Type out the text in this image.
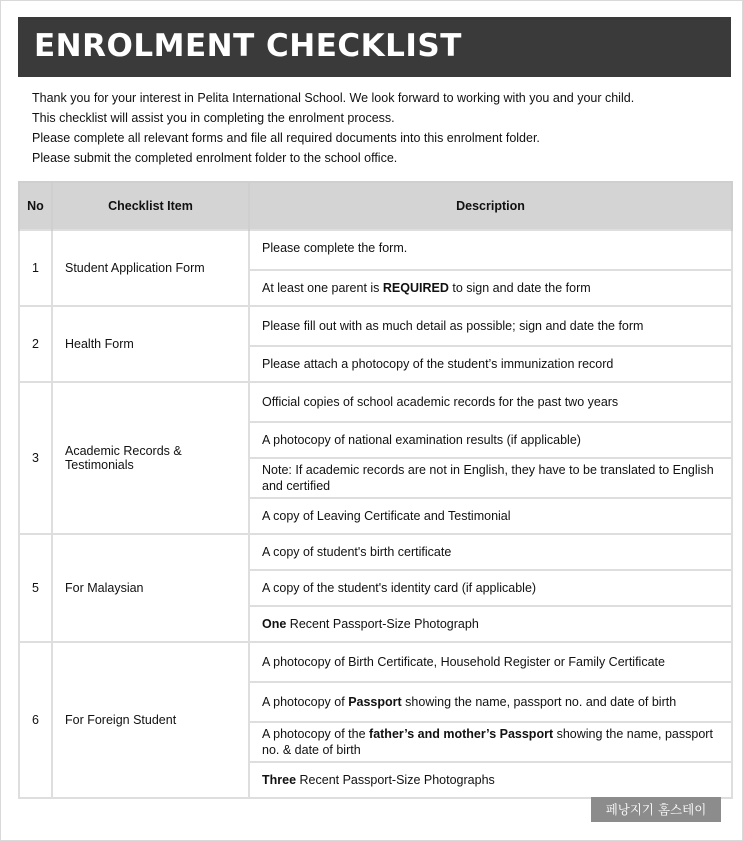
ENROLMENT CHECKLIST
Thank you for your interest in Pelita International School. We look forward to working with you and your child.
This checklist will assist you in completing the enrolment process.
Please complete all relevant forms and file all required documents into this enrolment folder.
Please submit the completed enrolment folder to the school office.
No	Checklist Item	Description
1	Student Application Form	Please complete the form.
		At least one parent is REQUIRED to sign and date the form
2	Health Form	Please fill out with as much detail as possible; sign and date the form
		Please attach a photocopy of the student’s immunization record
3	Academic Records & Testimonials	Official copies of school academic records for the past two years
		A photocopy of national examination results (if applicable)
		Note: If academic records are not in English, they have to be translated to English and certified
		A copy of Leaving Certificate and Testimonial
5	For Malaysian	A copy of student's birth certificate
		A copy of the student's identity card (if applicable)
		One Recent Passport-Size Photograph
6	For Foreign Student	A photocopy of Birth Certificate, Household Register or Family Certificate
		A photocopy of Passport showing the name, passport no. and date of birth
		A photocopy of the father’s and mother’s Passport showing the name, passport no. & date of birth
		Three Recent Passport-Size Photographs
페낭지기 홈스테이
